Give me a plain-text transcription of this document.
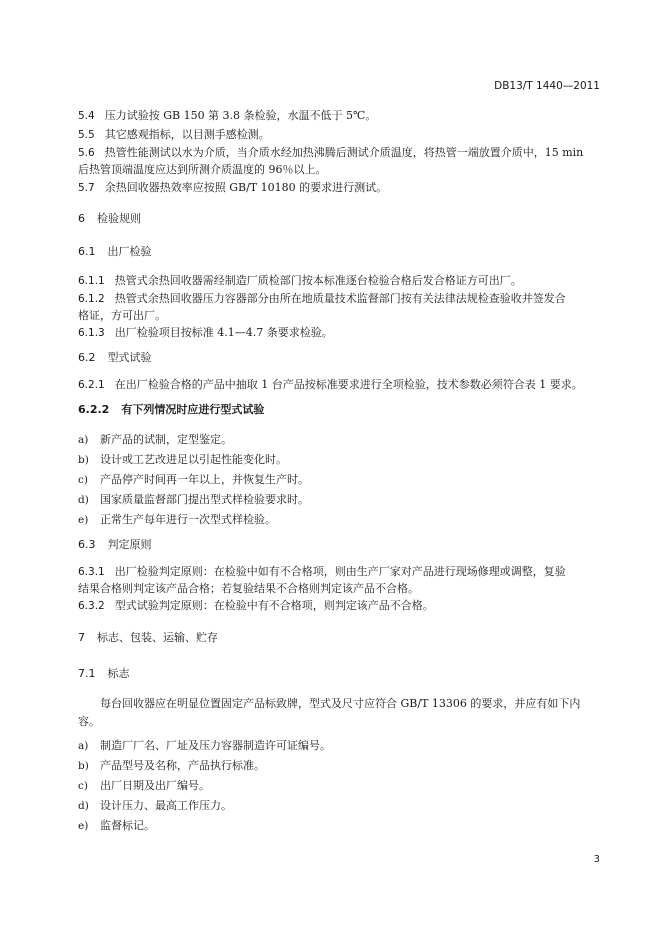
DB13/T 1440—2011
5.4 压力试验按 GB 150 第 3.8 条检验，水温不低于 5℃。
5.5 其它感观指标，以目测手感检测。
5.6 热管性能测试以水为介质，当介质水经加热沸腾后测试介质温度，将热管一端放置介质中，15 min
后热管顶端温度应达到所测介质温度的 96％以上。
5.7 余热回收器热效率应按照 GB/T 10180 的要求进行测试。
6 检验规则
6.1 出厂检验
6.1.1 热管式余热回收器需经制造厂质检部门按本标准逐台检验合格后发合格证方可出厂。
6.1.2 热管式余热回收器压力容器部分由所在地质量技术监督部门按有关法律法规检查验收并签发合
格证，方可出厂。
6.1.3 出厂检验项目按标准 4.1—4.7 条要求检验。
6.2 型式试验
6.2.1 在出厂检验合格的产品中抽取 1 台产品按标准要求进行全项检验，技术参数必须符合表 1 要求。
6.2.2 有下列情况时应进行型式试验
a) 新产品的试制，定型鉴定。
b) 设计或工艺改进足以引起性能变化时。
c) 产品停产时间再一年以上，并恢复生产时。
d) 国家质量监督部门提出型式样检验要求时。
e) 正常生产每年进行一次型式样检验。
6.3 判定原则
6.3.1 出厂检验判定原则：在检验中如有不合格项，则由生产厂家对产品进行现场修理或调整，复验
结果合格则判定该产品合格；若复验结果不合格则判定该产品不合格。
6.3.2 型式试验判定原则：在检验中有不合格项，则判定该产品不合格。
7 标志、包装、运输、贮存
7.1 标志
每台回收器应在明显位置固定产品标致牌，型式及尺寸应符合 GB/T 13306 的要求，并应有如下内
容。
a) 制造厂厂名、厂址及压力容器制造许可证编号。
b) 产品型号及名称，产品执行标准。
c) 出厂日期及出厂编号。
d) 设计压力、最高工作压力。
e) 监督标记。
3
